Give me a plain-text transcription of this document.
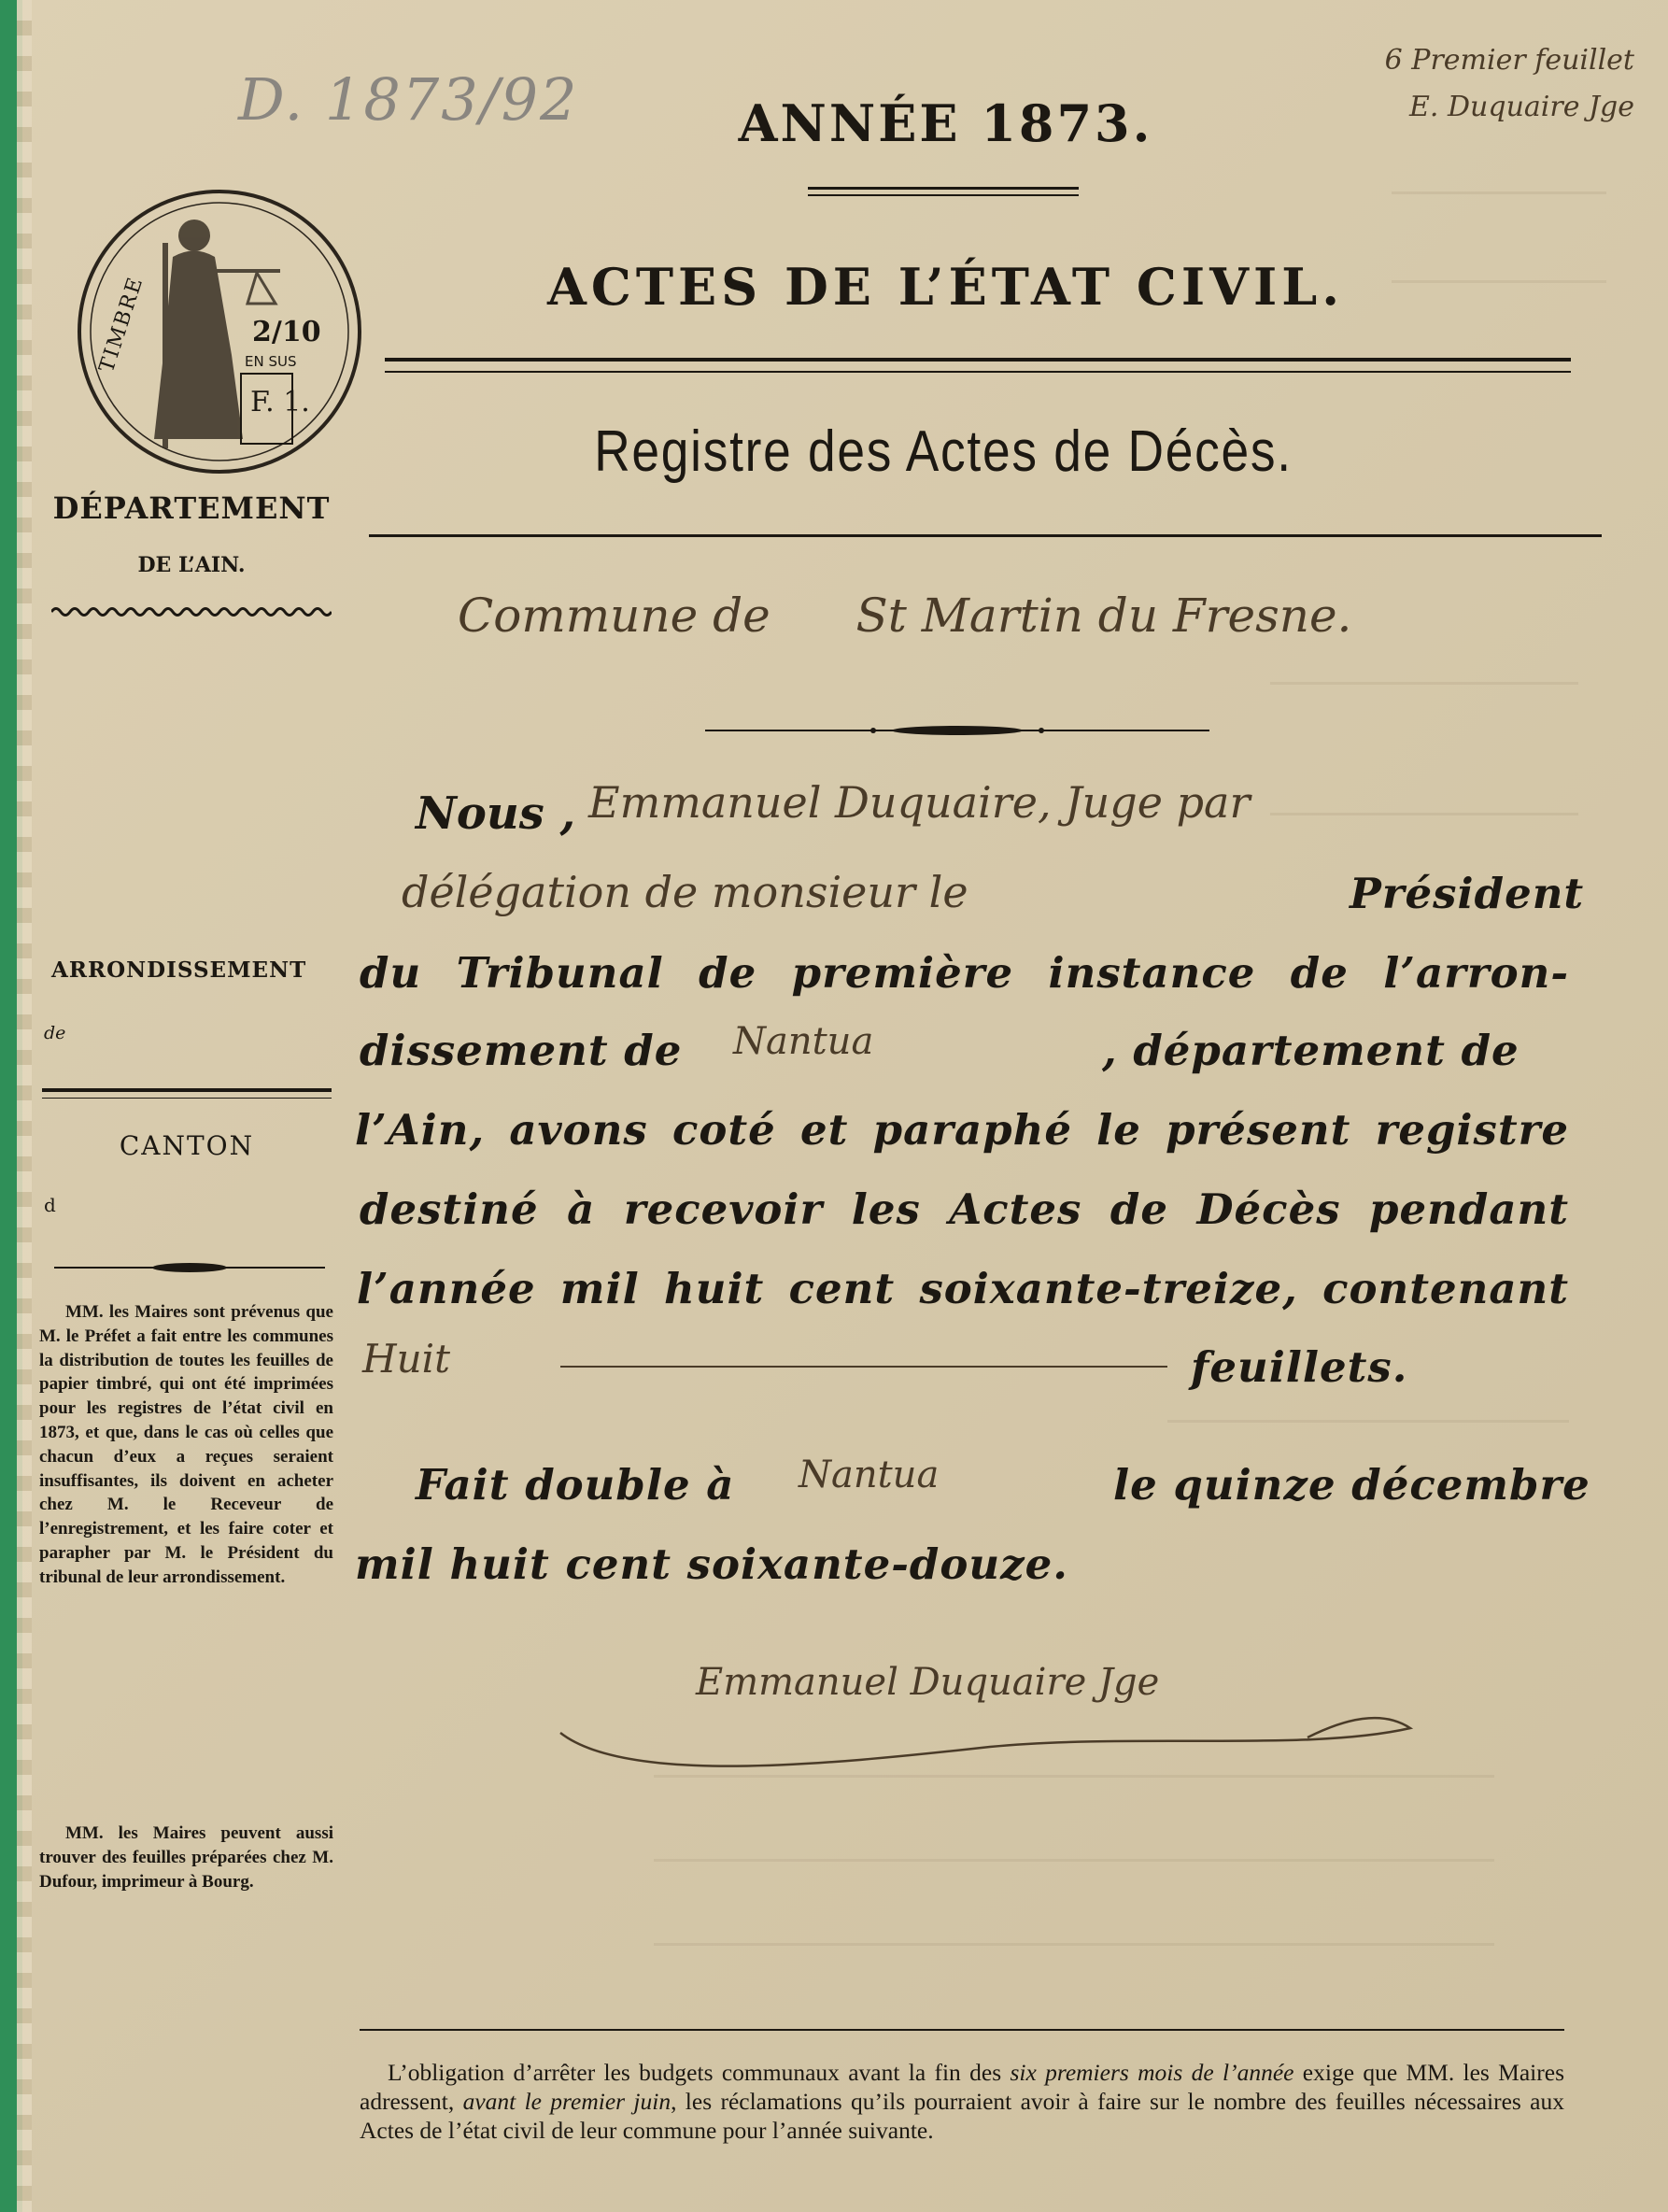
D. 1873/92
6 Premier feuillet
E. Duquaire Jge
ANNÉE 1873.
ACTES DE L’ÉTAT CIVIL.
Registre des Actes de Décès.
Commune de St Martin du Fresne.
TIMBRE	2/10
EN SUS
F. 1.
DÉPARTEMENT
DE L’AIN.
ARRONDISSEMENT
de
CANTON
d
MM. les Maires sont prévenus que M. le Préfet a fait entre les communes la distribution de toutes les feuilles de papier timbré, qui ont été imprimées pour les registres de l’état civil en 1873, et que, dans le cas où celles que chacun d’eux a reçues seraient insuffisantes, ils doivent en acheter chez M. le Receveur de l’enregistrement, et les faire coter et parapher par M. le Président du tribunal de leur arrondissement.
MM. les Maires peuvent aussi trouver des feuilles préparées chez M. Dufour, imprimeur à Bourg.
Nous , Emmanuel Duquaire, Juge par
délégation de monsieur le	Président
du Tribunal de première instance de l’arron-
dissement de Nantua	, département de
l’Ain, avons coté et paraphé le présent registre
destiné à recevoir les Actes de Décès pendant
l’année mil huit cent soixante-treize, contenant
Huit	feuillets.
Fait double à Nantua	le quinze décembre
mil huit cent soixante-douze.
Emmanuel Duquaire Jge
L’obligation d’arrêter les budgets communaux avant la fin des six premiers mois de l’année exige que MM. les Maires adressent, avant le premier juin, les réclamations qu’ils pourraient avoir à faire sur le nombre des feuilles nécessaires aux Actes de l’état civil de leur commune pour l’année suivante.
